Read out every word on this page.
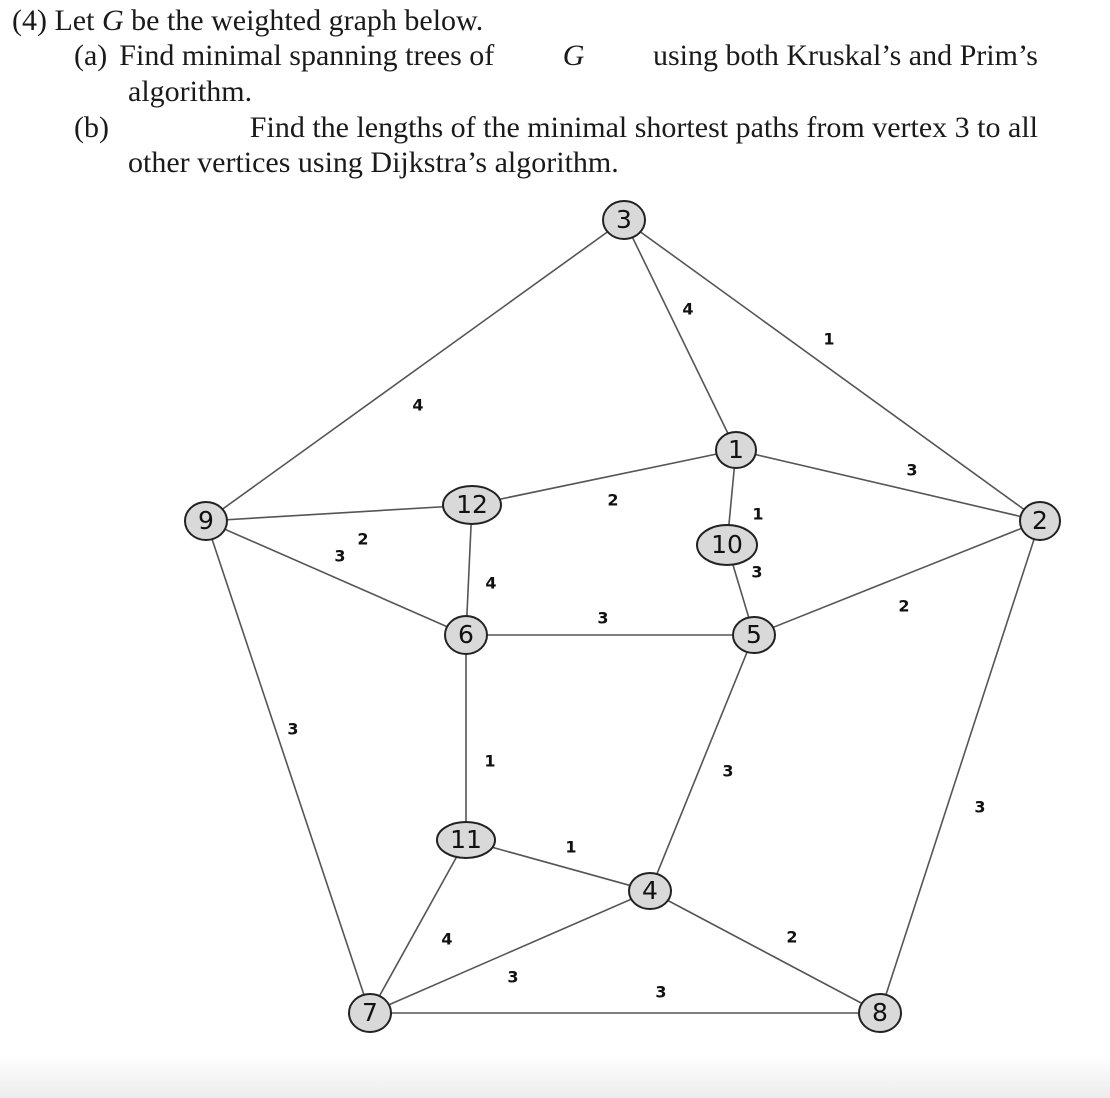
(4) Let G be the weighted graph below.
(a) Find minimal spanning trees of G using both Kruskal’s and Prim’s
algorithm.
(b)	Find the lengths of the minimal shortest paths from vertex 3 to all
other vertices using Dijkstra’s algorithm.
4
4
1
2
3
1
2
3
3
4
3
3
1
2
3
3
1
4
3
2
3
3
1
12
10
9	2
6	5
11
4
7	8
